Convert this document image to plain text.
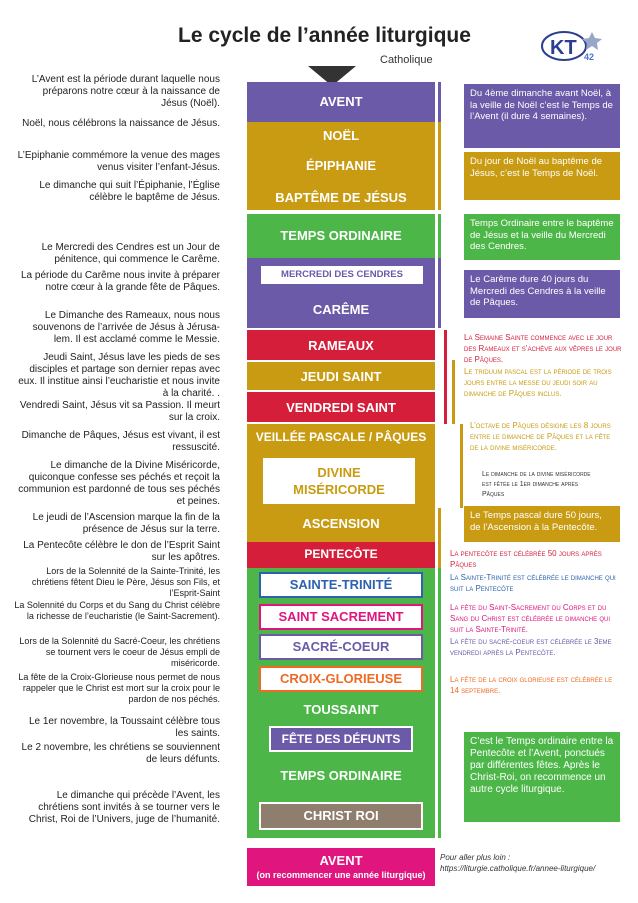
Le cycle de l’année liturgique
Catholique
KT 42
AVENT
NOËL
ÉPIPHANIE
BAPTÊME DE JÉSUS
TEMPS ORDINAIRE
MERCREDI DES CENDRES
CARÊME
RAMEAUX
JEUDI SAINT
VENDREDI SAINT
VEILLÉE PASCALE / PÂQUES
DIVINE
MISÉRICORDE
ASCENSION
PENTECÔTE
SAINTE-TRINITÉ
SAINT SACREMENT
SACRÉ-COEUR
CROIX-GLORIEUSE
TOUSSAINT
FÊTE DES DÉFUNTS
TEMPS ORDINAIRE
CHRIST ROI
AVENT
(on recommencer une année liturgique)
L’Avent est la période durant laquelle nous préparons notre cœur à la naissance de Jésus (Noël).
Noël, nous célébrons la naissance de Jésus.
L’Epiphanie commémore la venue des mages venus visiter l’enfant-Jésus.
Le dimanche qui suit l’Épiphanie, l’Église célèbre le baptême de Jésus.
Le Mercredi des Cendres est un Jour de pénitence, qui commence le Carême.
La période du Carême nous invite à préparer notre cœur à la grande fête de Pâques.
Le Dimanche des Rameaux, nous nous souvenons de l’arrivée de Jésus à Jérusa- lem. Il est acclamé comme le Messie.
Jeudi Saint, Jésus lave les pieds de ses disciples et partage son dernier repas avec eux. Il institue ainsi l’eucharistie et nous invite à la charité. .
Vendredi Saint, Jésus vit sa Passion. Il meurt sur la croix.
Dimanche de Pâques, Jésus est vivant, il est ressuscité.
Le dimanche de la Divine Miséricorde, quiconque confesse ses péchés et reçoit la communion est pardonné de tous ses péchés et peines.
Le jeudi de l’Ascension marque la fin de la présence de Jésus sur la terre.
La Pentecôte célèbre le don de l’Esprit Saint sur les apôtres.
Lors de la Solennité de la Sainte-Trinité, les chrétiens fêtent Dieu le Père, Jésus son Fils, et l’Esprit-Saint
La Solennité du Corps et du Sang du Christ célèbre la richesse de l’eucharistie (le Saint-Sacrement).
Lors de la Solennité du Sacré-Coeur, les chrétiens se tournent vers le coeur de Jésus empli de miséricorde.
La fête de la Croix-Glorieuse nous permet de nous rappeler que le Christ est mort sur la croix pour le pardon de nos péchés.
Le 1er novembre, la Toussaint célèbre tous les saints.
Le 2 novembre, les chrétiens se souviennent de leurs défunts.
Le dimanche qui précède l’Avent, les chrétiens sont invités à se tourner vers le Christ, Roi de l’Univers, juge de l’humanité.
Du 4ème dimanche avant Noël, à la veille de Noël c’est le Temps de l’Avent (il dure 4 semaines).
Du jour de Noël au baptême de Jésus, c’est le Temps de Noël.
Temps Ordinaire entre le baptême de Jésus et la veille du Mercredi des Cendres.
Le Carême dure 40 jours du Mercredi des Cendres à la veille de Pâques.
La Semaine Sainte commence avec le jour des Rameaux et s’achève aux vêpres le jour de Pâques.
Le triduum pascal est la période de trois jours entre la messe du jeudi soir au dimanche de Pâques inclus.
L’octave de Pâques désigne les 8 jours entre le dimanche de Pâques et la fête de la divine miséricorde.
Le dimanche de la divine miséricorde est fêtée le 1er dimanche après Pâques
Le Temps pascal dure 50 jours, de l’Ascension à la Pentecôte.
La pentecôte est célébrée 50 jours après Pâques
La Sainte-Trinité est célébrée le dimanche qui suit la Pentecôte
La fête du Saint-Sacrement du Corps et du Sang du Christ est célébrée le dimanche qui suit la Sainte-Trinité.
La fête du sacré-coeur est célébrée le 3eme vendredi après la Pentecôte.
La fête de la croix glorieuse est célébrée le 14 septembre.
C’est le Temps ordinaire entre la Pentecôte et l’Avent, ponctués par différentes fêtes. Après le Christ-Roi, on recommence un autre cycle liturgique.
Pour aller plus loin :
https://liturgie.catholique.fr/annee-liturgique/
